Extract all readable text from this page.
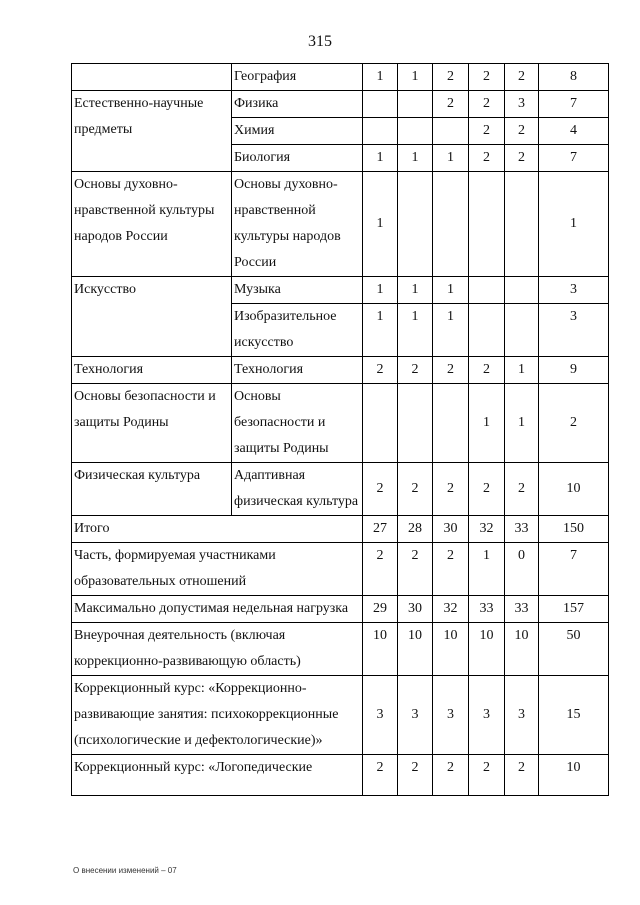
315
	География	1	1	2	2	2	8
Естественно-научные предметы	Физика			2	2	3	7
	Химия				2	2	4
	Биология	1	1	1	2	2	7
Основы духовно-нравственной культуры народов России	Основы духовно-нравственной культуры народов России	1					1
Искусство	Музыка	1	1	1			3
	Изобразительное искусство	1	1	1			3
Технология	Технология	2	2	2	2	1	9
Основы безопасности и защиты Родины	Основы безопасности и защиты Родины				1	1	2
Физическая культура	Адаптивная физическая культура	2	2	2	2	2	10
Итого		27	28	30	32	33	150
Часть, формируемая участниками образовательных отношений		2	2	2	1	0	7
Максимально допустимая недельная нагрузка		29	30	32	33	33	157
Внеурочная деятельность (включая коррекционно-развивающую область)		10	10	10	10	10	50
Коррекционный курс: «Коррекционно-развивающие занятия: психокоррекционные (психологические и дефектологические)»		3	3	3	3	3	15
Коррекционный курс: «Логопедические		2	2	2	2	2	10
О внесении изменений – 07
